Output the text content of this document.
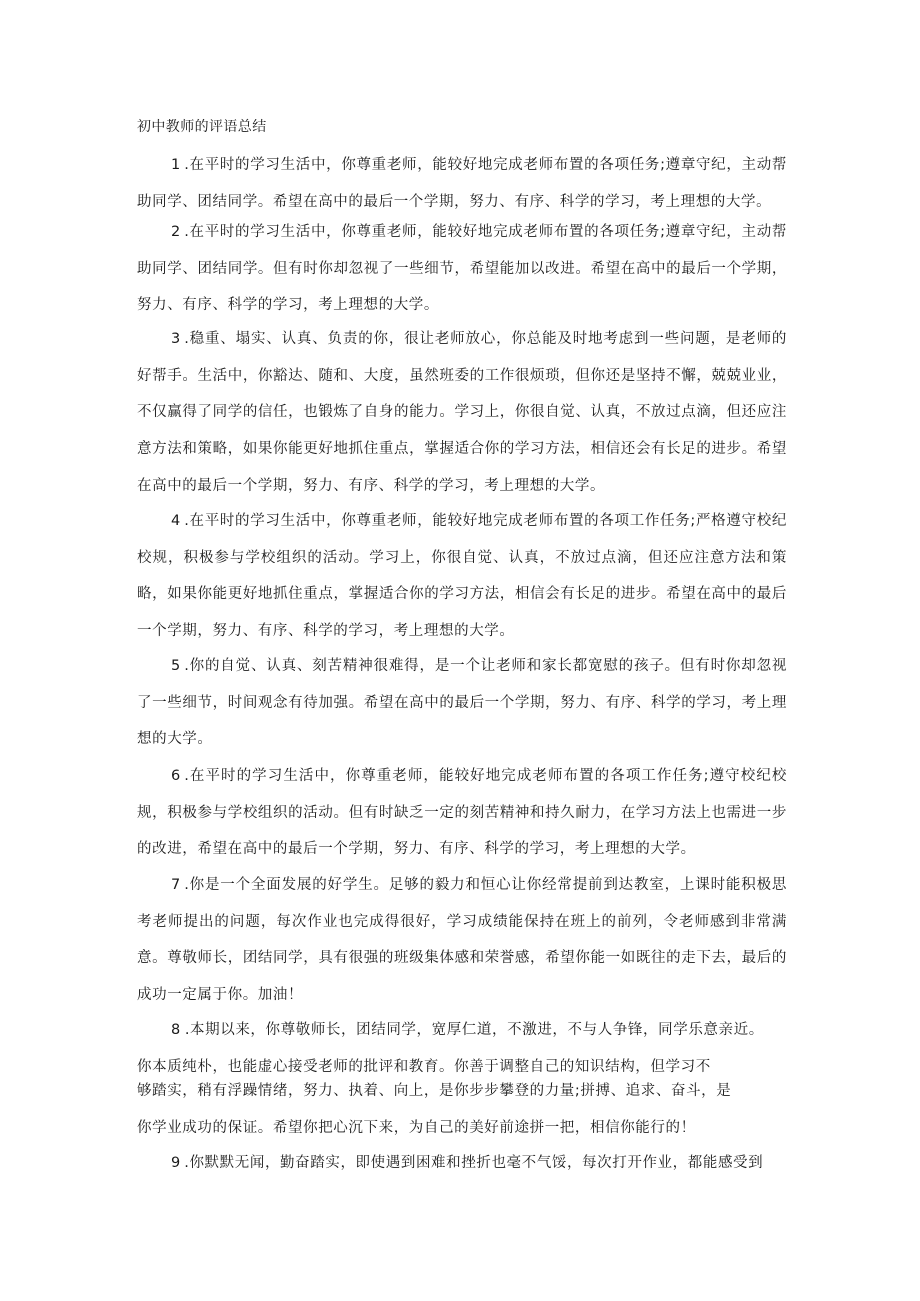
初中教师的评语总结

1 .在平时的学习生活中，你尊重老师，能较好地完成老师布置的各项任务;遵章守纪，主动帮助同学、团结同学。希望在高中的最后一个学期，努力、有序、科学的学习，考上理想的大学。

2 .在平时的学习生活中，你尊重老师，能较好地完成老师布置的各项任务;遵章守纪，主动帮助同学、团结同学。但有时你却忽视了一些细节，希望能加以改进。希望在高中的最后一个学期，努力、有序、科学的学习，考上理想的大学。

3 .稳重、塌实、认真、负责的你，很让老师放心，你总能及时地考虑到一些问题，是老师的好帮手。生活中，你豁达、随和、大度，虽然班委的工作很烦琐，但你还是坚持不懈，兢兢业业，不仅赢得了同学的信任，也锻炼了自身的能力。学习上，你很自觉、认真，不放过点滴，但还应注意方法和策略，如果你能更好地抓住重点，掌握适合你的学习方法，相信还会有长足的进步。希望在高中的最后一个学期，努力、有序、科学的学习，考上理想的大学。

4 .在平时的学习生活中，你尊重老师，能较好地完成老师布置的各项工作任务;严格遵守校纪校规，积极参与学校组织的活动。学习上，你很自觉、认真，不放过点滴，但还应注意方法和策略，如果你能更好地抓住重点，掌握适合你的学习方法，相信会有长足的进步。希望在高中的最后一个学期，努力、有序、科学的学习，考上理想的大学。

5 .你的自觉、认真、刻苦精神很难得，是一个让老师和家长都宽慰的孩子。但有时你却忽视了一些细节，时间观念有待加强。希望在高中的最后一个学期，努力、有序、科学的学习，考上理想的大学。

6 .在平时的学习生活中，你尊重老师，能较好地完成老师布置的各项工作任务;遵守校纪校规，积极参与学校组织的活动。但有时缺乏一定的刻苦精神和持久耐力，在学习方法上也需进一步的改进，希望在高中的最后一个学期，努力、有序、科学的学习，考上理想的大学。

7 .你是一个全面发展的好学生。足够的毅力和恒心让你经常提前到达教室，上课时能积极思考老师提出的问题，每次作业也完成得很好，学习成绩能保持在班上的前列，令老师感到非常满意。尊敬师长，团结同学，具有很强的班级集体感和荣誉感，希望你能一如既往的走下去，最后的成功一定属于你。加油！

8 .本期以来，你尊敬师长，团结同学，宽厚仁道，不激进，不与人争锋，同学乐意亲近。
你本质纯朴，也能虚心接受老师的批评和教育。你善于调整自己的知识结构，但学习不
够踏实，稍有浮躁情绪，努力、执着、向上，是你步步攀登的力量;拼搏、追求、奋斗，是
你学业成功的保证。希望你把心沉下来，为自己的美好前途拼一把，相信你能行的！

9 .你默默无闻，勤奋踏实，即使遇到困难和挫折也毫不气馁，每次打开作业，都能感受到
